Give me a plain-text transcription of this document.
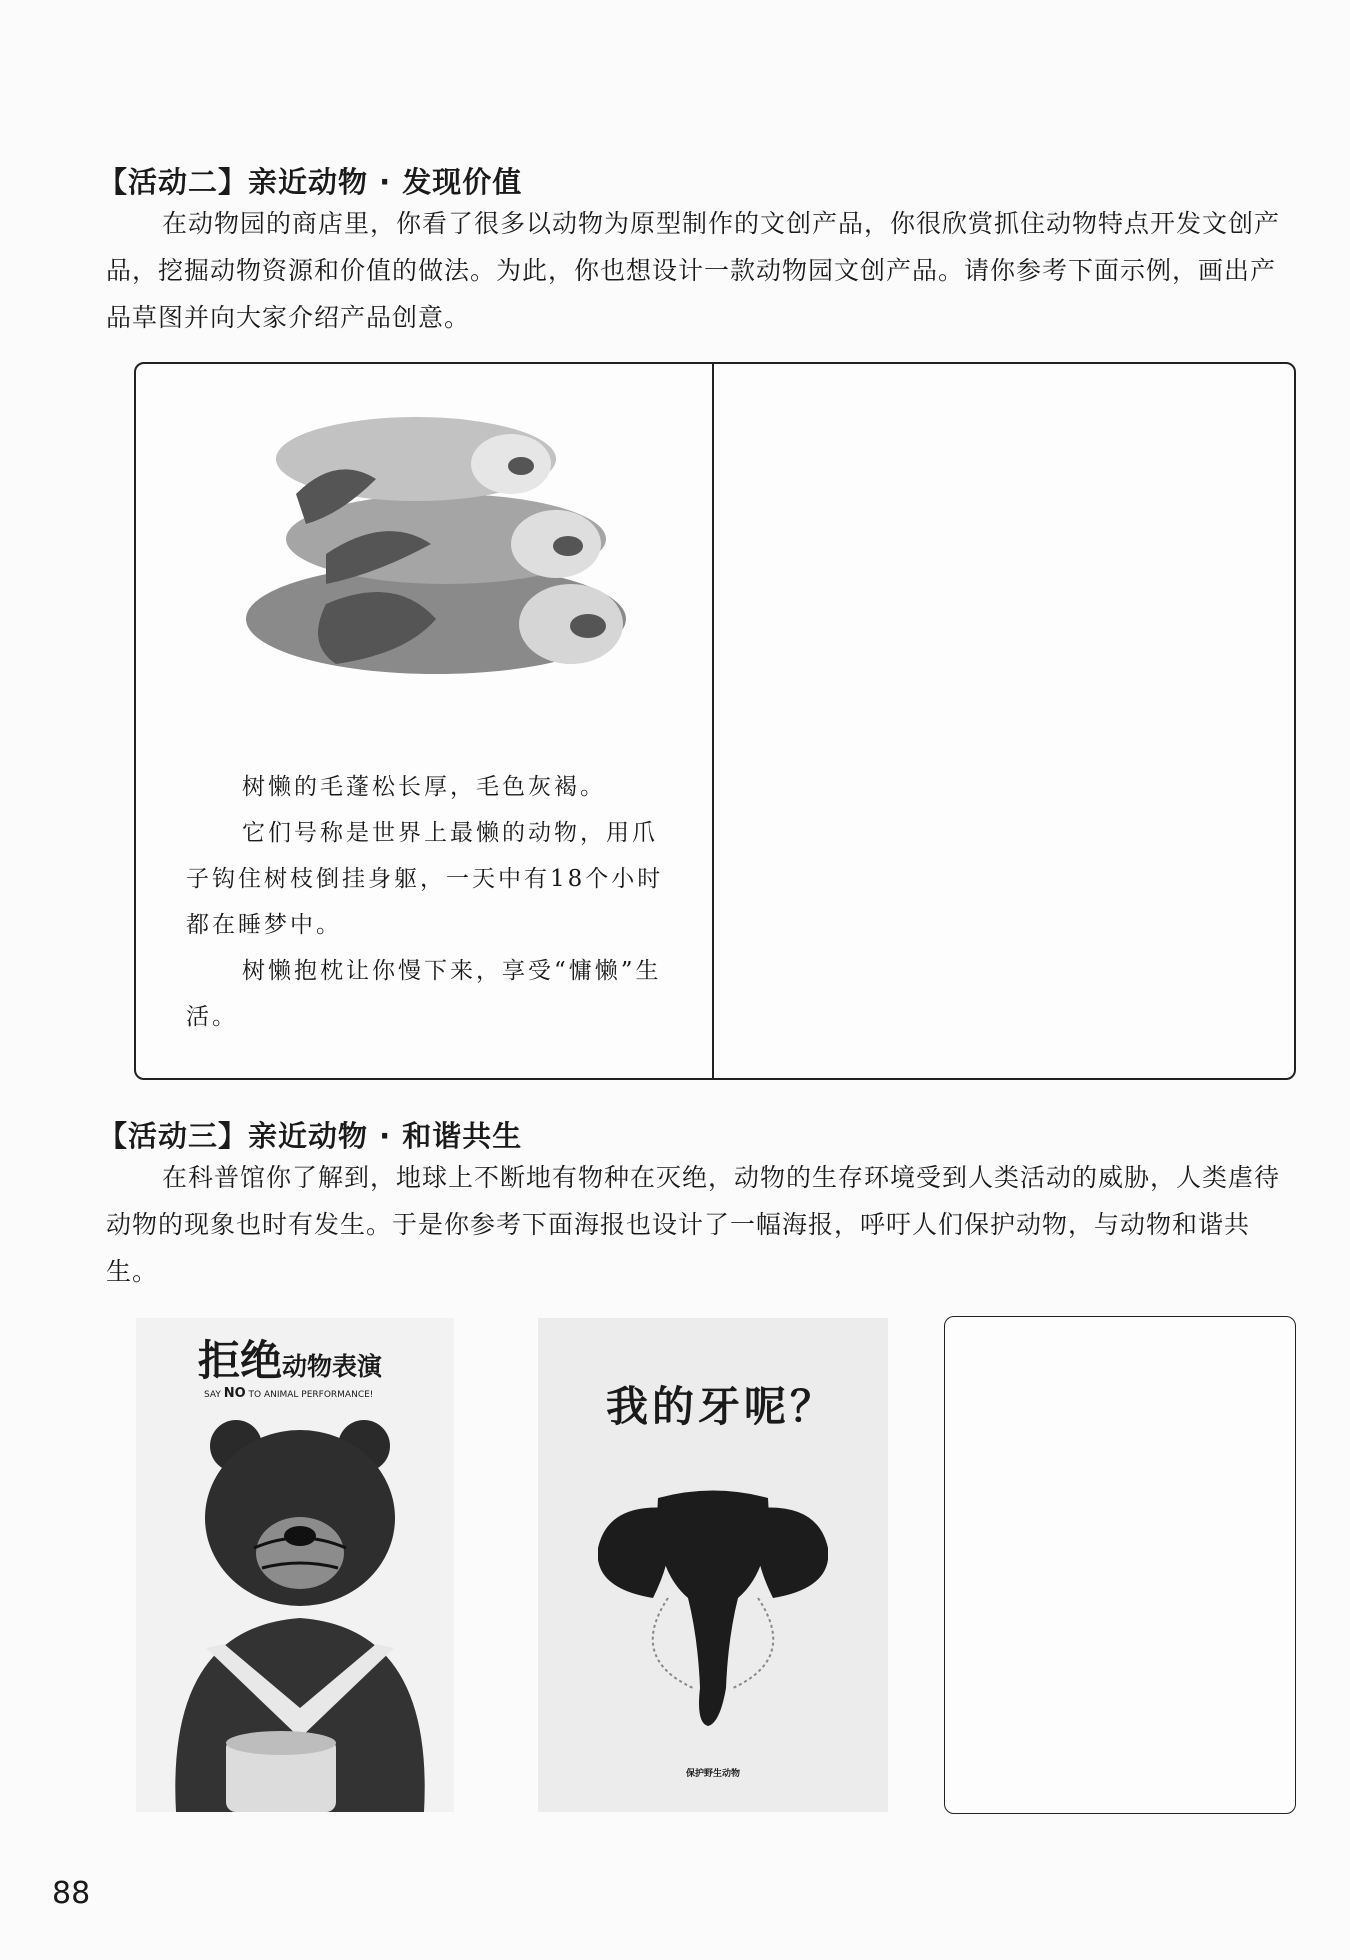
【活动二】亲近动物 · 发现价值
在动物园的商店里，你看了很多以动物为原型制作的文创产品，你很欣赏抓住动物特点开发文创产品，挖掘动物资源和价值的做法。为此，你也想设计一款动物园文创产品。请你参考下面示例，画出产品草图并向大家介绍产品创意。
树懒的毛蓬松长厚，毛色灰褐。
它们号称是世界上最懒的动物，用爪子钩住树枝倒挂身躯，一天中有18个小时都在睡梦中。
树懒抱枕让你慢下来，享受“慵懒”生活。
【活动三】亲近动物 · 和谐共生
在科普馆你了解到，地球上不断地有物种在灭绝，动物的生存环境受到人类活动的威胁，人类虐待动物的现象也时有发生。于是你参考下面海报也设计了一幅海报，呼吁人们保护动物，与动物和谐共生。
拒绝动物表演
SAY NO TO ANIMAL PERFORMANCE!	我的牙呢？
保护野生动物
88
